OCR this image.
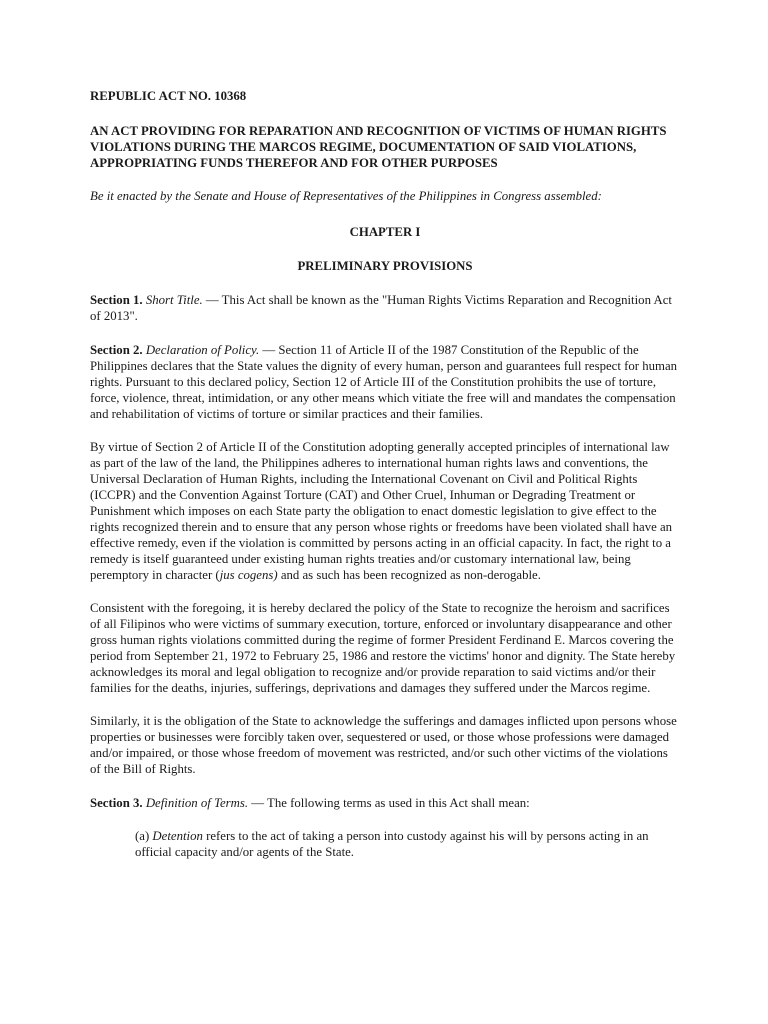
REPUBLIC ACT NO. 10368

AN ACT PROVIDING FOR REPARATION AND RECOGNITION OF VICTIMS OF HUMAN RIGHTS VIOLATIONS DURING THE MARCOS REGIME, DOCUMENTATION OF SAID VIOLATIONS, APPROPRIATING FUNDS THEREFOR AND FOR OTHER PURPOSES

Be it enacted by the Senate and House of Representatives of the Philippines in Congress assembled:

CHAPTER I

PRELIMINARY PROVISIONS

Section 1. Short Title. — This Act shall be known as the "Human Rights Victims Reparation and Recognition Act of 2013".

Section 2. Declaration of Policy. — Section 11 of Article II of the 1987 Constitution of the Republic of the Philippines declares that the State values the dignity of every human, person and guarantees full respect for human rights. Pursuant to this declared policy, Section 12 of Article III of the Constitution prohibits the use of torture, force, violence, threat, intimidation, or any other means which vitiate the free will and mandates the compensation and rehabilitation of victims of torture or similar practices and their families.

By virtue of Section 2 of Article II of the Constitution adopting generally accepted principles of international law as part of the law of the land, the Philippines adheres to international human rights laws and conventions, the Universal Declaration of Human Rights, including the International Covenant on Civil and Political Rights (ICCPR) and the Convention Against Torture (CAT) and Other Cruel, Inhuman or Degrading Treatment or Punishment which imposes on each State party the obligation to enact domestic legislation to give effect to the rights recognized therein and to ensure that any person whose rights or freedoms have been violated shall have an effective remedy, even if the violation is committed by persons acting in an official capacity. In fact, the right to a remedy is itself guaranteed under existing human rights treaties and/or customary international law, being peremptory in character (jus cogens) and as such has been recognized as non-derogable.

Consistent with the foregoing, it is hereby declared the policy of the State to recognize the heroism and sacrifices of all Filipinos who were victims of summary execution, torture, enforced or involuntary disappearance and other gross human rights violations committed during the regime of former President Ferdinand E. Marcos covering the period from September 21, 1972 to February 25, 1986 and restore the victims' honor and dignity. The State hereby acknowledges its moral and legal obligation to recognize and/or provide reparation to said victims and/or their families for the deaths, injuries, sufferings, deprivations and damages they suffered under the Marcos regime.

Similarly, it is the obligation of the State to acknowledge the sufferings and damages inflicted upon persons whose properties or businesses were forcibly taken over, sequestered or used, or those whose professions were damaged and/or impaired, or those whose freedom of movement was restricted, and/or such other victims of the violations of the Bill of Rights.

Section 3. Definition of Terms. — The following terms as used in this Act shall mean:

(a) Detention refers to the act of taking a person into custody against his will by persons acting in an official capacity and/or agents of the State.
